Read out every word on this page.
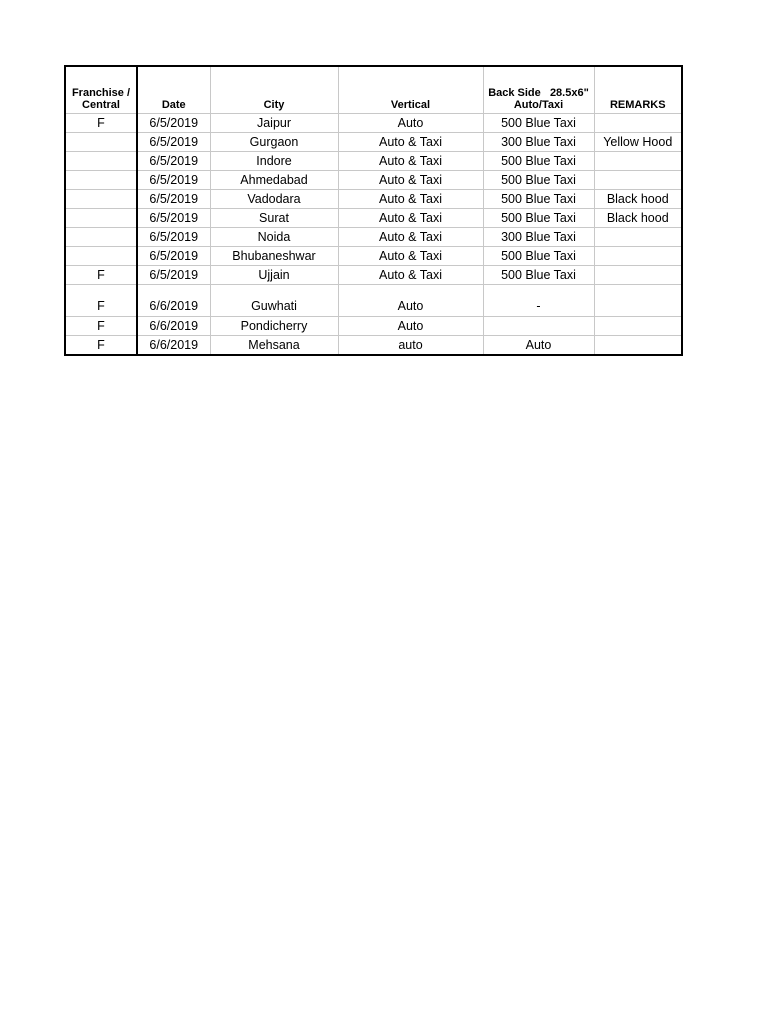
Franchise /
Central	Date	City	Vertical	Back Side   28.5x6"
Auto/Taxi	REMARKS
F	6/5/2019	Jaipur	Auto	500 Blue Taxi	
	6/5/2019	Gurgaon	Auto & Taxi	300 Blue Taxi	Yellow Hood
	6/5/2019	Indore	Auto & Taxi	500 Blue Taxi	
	6/5/2019	Ahmedabad	Auto & Taxi	500 Blue Taxi	
	6/5/2019	Vadodara	Auto & Taxi	500 Blue Taxi	Black hood
	6/5/2019	Surat	Auto & Taxi	500 Blue Taxi	Black hood
	6/5/2019	Noida	Auto & Taxi	300 Blue Taxi	
	6/5/2019	Bhubaneshwar	Auto & Taxi	500 Blue Taxi	
F	6/5/2019	Ujjain	Auto & Taxi	500 Blue Taxi	
F	6/6/2019	Guwhati	Auto	-	
F	6/6/2019	Pondicherry	Auto		
F	6/6/2019	Mehsana	auto	Auto	
